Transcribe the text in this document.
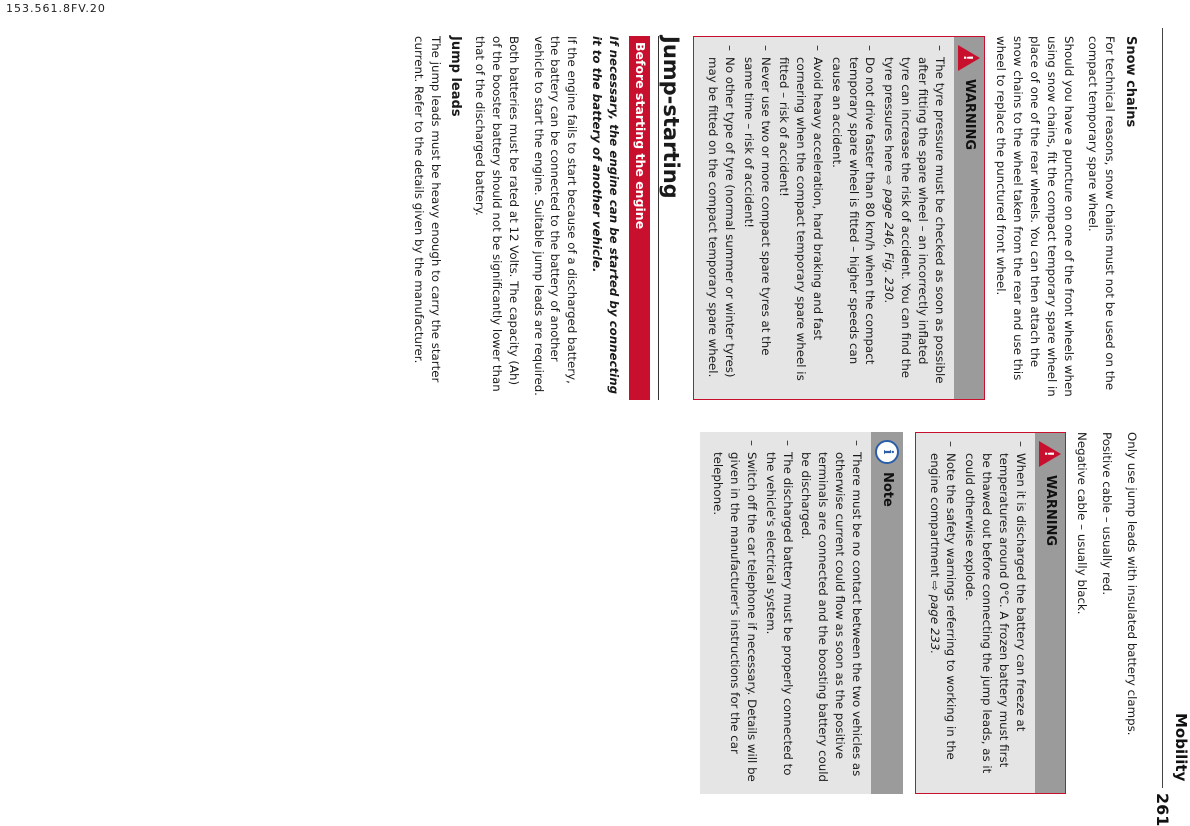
153.561.8FV.20
261
Mobility
Snow chains

For technical reasons, snow chains must not be used on the compact temporary spare wheel.

Should you have a puncture on one of the front wheels when using snow chains, fit the compact temporary spare wheel in place of one of the rear wheels. You can then attach the snow chains to the wheel taken from the rear and use this wheel to replace the punctured front wheel.

!
WARNING
– The tyre pressure must be checked as soon as possible after fitting the spare wheel – an incorrectly inflated tyre can increase the risk of accident. You can find the tyre pressures here ⇨ page 246, Fig. 230.
– Do not drive faster than 80 km/h when the compact temporary spare wheel is fitted – higher speeds can cause an accident.
– Avoid heavy acceleration, hard braking and fast cornering when the compact temporary spare wheel is fitted – risk of accident!
– Never use two or more compact spare tyres at the same time – risk of accident!
– No other type of tyre (normal summer or winter tyres) may be fitted on the compact temporary spare wheel.
Jump-starting
Before starting the engine

If necessary, the engine can be started by connecting it to the battery of another vehicle.

If the engine fails to start because of a discharged battery, the battery can be connected to the battery of another vehicle to start the engine. Suitable jump leads are required.

Both batteries must be rated at 12 Volts. The capacity (Ah) of the booster battery should not be significantly lower than that of the discharged battery.

Jump leads

The jump leads must be heavy enough to carry the starter current. Refer to the details given by the manufacturer.

Only use jump leads with insulated battery clamps.

Positive cable – usually red.

Negative cable – usually black.

!
WARNING
– When it is discharged the battery can freeze at temperatures around 0°C. A frozen battery must first be thawed out before connecting the jump leads, as it could otherwise explode.
– Note the safety warnings referring to working in the engine compartment ⇨ page 233.
i
Note
– There must be no contact between the two vehicles as otherwise current could flow as soon as the positive terminals are connected and the boosting battery could be discharged.
– The discharged battery must be properly connected to the vehicle's electrical system.
– Switch off the car telephone if necessary. Details will be given in the manufacturer's instructions for the car telephone.
